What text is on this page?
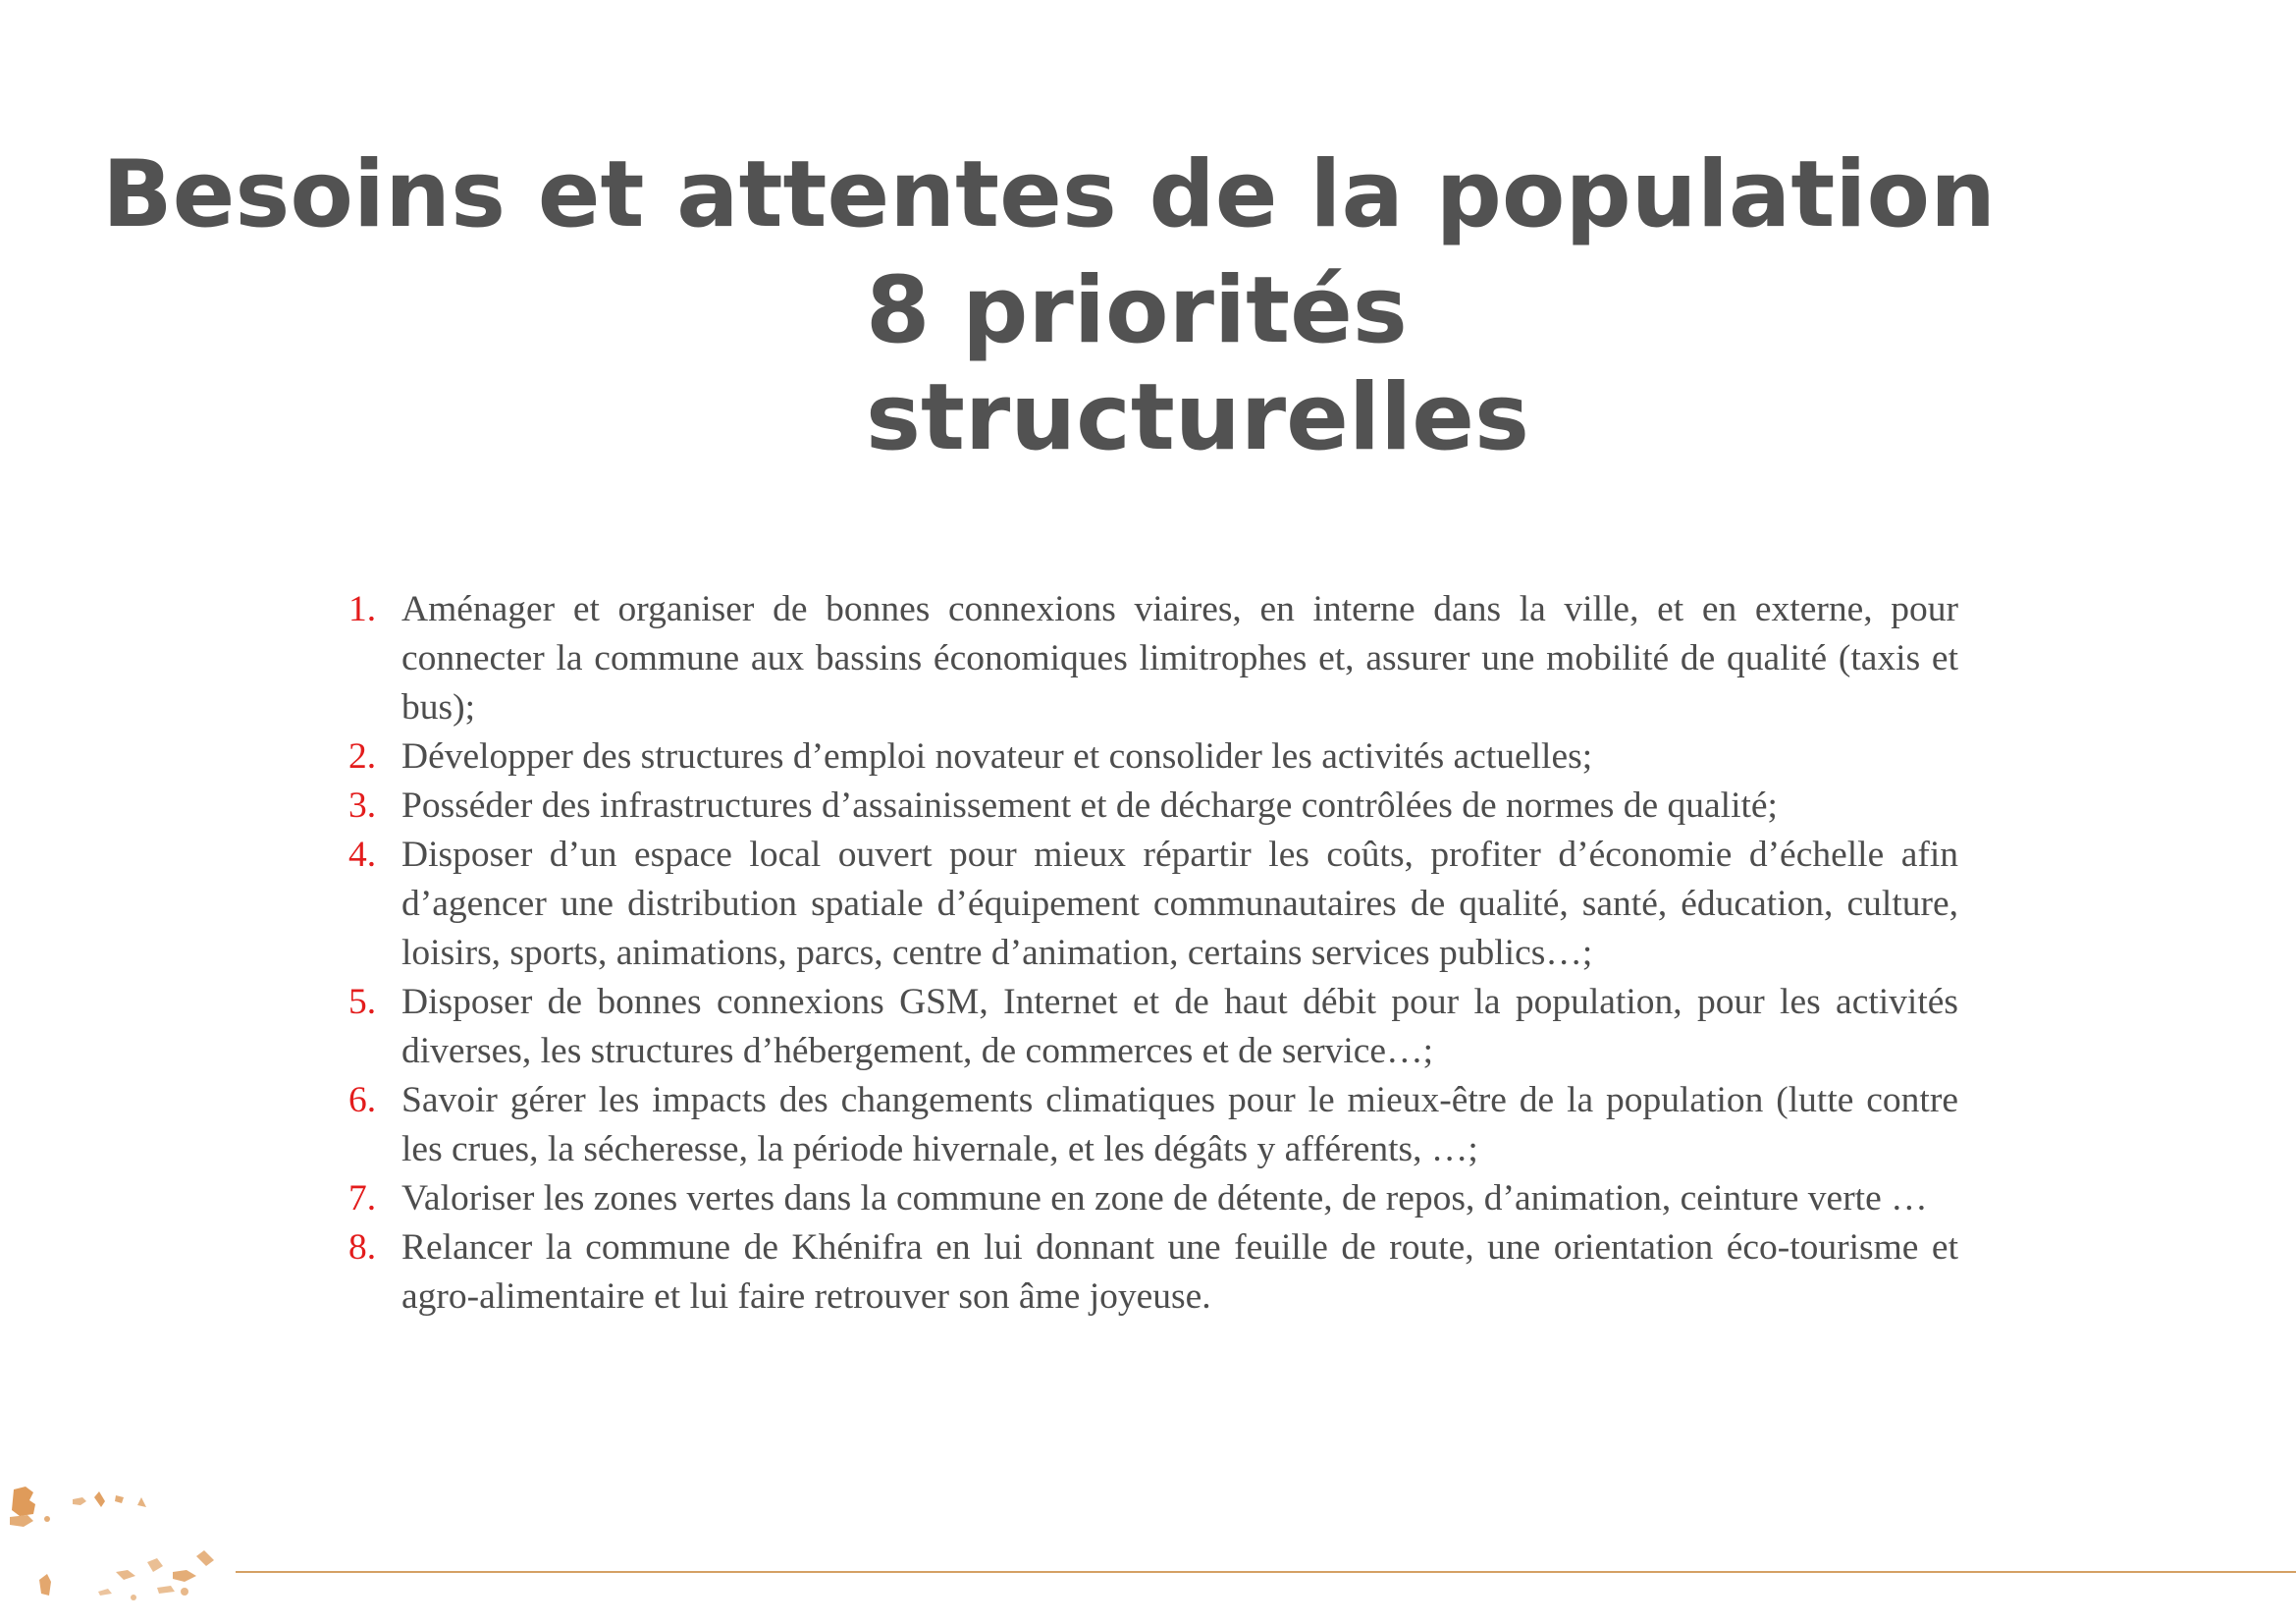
Besoins et attentes de la population
8 priorités
structurelles
1. Aménager et organiser de bonnes connexions viaires, en interne dans la ville, et en externe, pour connecter la commune aux bassins économiques limitrophes et, assurer une mobilité de qualité (taxis et bus);
2. Développer des structures d’emploi novateur et consolider les activités actuelles;
3. Posséder des infrastructures d’assainissement et de décharge contrôlées de normes de qualité;
4. Disposer d’un espace local ouvert pour mieux répartir les coûts, profiter d’économie d’échelle afin d’agencer une distribution spatiale d’équipement communautaires de qualité, santé, éducation, culture, loisirs, sports, animations, parcs, centre d’animation, certains services publics…;
5. Disposer de bonnes connexions GSM, Internet et de haut débit pour la population, pour les activités diverses, les structures d’hébergement, de commerces et de service…;
6. Savoir gérer les impacts des changements climatiques pour le mieux-être de la population (lutte contre les crues, la sécheresse, la période hivernale, et les dégâts y afférents, …;
7. Valoriser les zones vertes dans la commune en zone de détente, de repos, d’animation, ceinture verte …
8. Relancer la commune de Khénifra en lui donnant une feuille de route, une orientation éco-tourisme et agro-alimentaire et lui faire retrouver son âme joyeuse.
